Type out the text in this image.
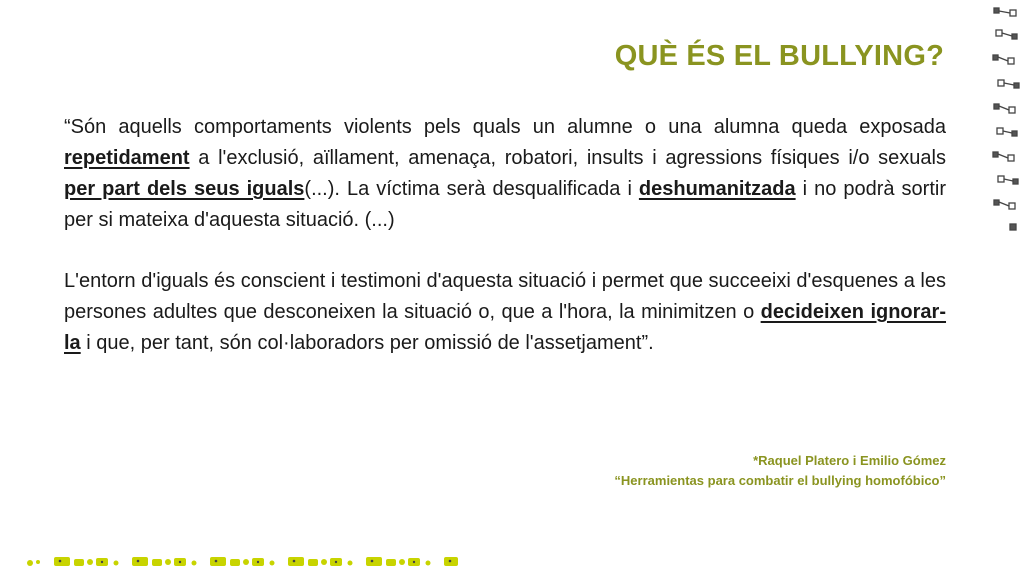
QUÈ ÉS EL BULLYING?

“Són aquells comportaments violents pels quals un alumne o una alumna queda exposada repetidament a l'exclusió, aïllament, amenaça, robatori, insults i agressions físiques i/o sexuals per part dels seus iguals(...). La víctima serà desqualificada i deshumanitzada i no podrà sortir per si mateixa d'aquesta situació. (...)

L'entorn d'iguals és conscient i testimoni d'aquesta situació i permet que succeeixi d'esquenes a les persones adultes que desconeixen la situació o, que a l'hora, la minimitzen o decideixen ignorar-la i que, per tant, són col·laboradors per omissió de l'assetjament”.

*Raquel Platero i Emilio Gómez
“Herramientas para combatir el bullying homofóbico”
